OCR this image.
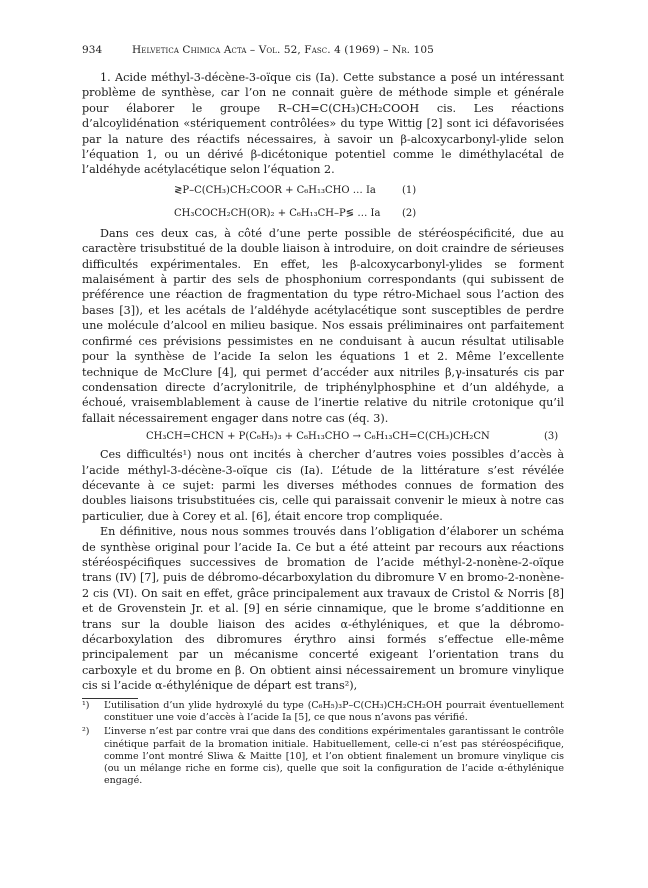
934	Helvetica Chimica Acta – Vol. 52, Fasc. 4 (1969) – Nr. 105

1. Acide méthyl-3-décène-3-oïque cis (Ia). Cette substance a posé un intéressant problème de synthèse, car l’on ne connait guère de méthode simple et générale pour élaborer le groupe R–CH=C(CH₃)CH₂COOH cis. Les réactions d’alcoylidénation «stériquement contrôlées» du type Wittig [2] sont ici défavorisées par la nature des réactifs nécessaires, à savoir un β-alcoxycarbonyl-ylide selon l’équation 1, ou un dérivé β-dicétonique potentiel comme le diméthylacétal de l’aldéhyde acétylacétique selon l’équation 2.

≷P–C(CH₃)CH₂COOR + C₆H₁₃CHO … Ia	(1)
CH₃COCH₂CH(OR)₂ + C₆H₁₃CH–P≶ … Ia (2)

Dans ces deux cas, à côté d’une perte possible de stéréospécificité, due au caractère trisubstitué de la double liaison à introduire, on doit craindre de sérieuses difficultés expérimentales. En effet, les β-alcoxycarbonyl-ylides se forment malaisément à partir des sels de phosphonium correspondants (qui subissent de préférence une réaction de fragmentation du type rétro-Michael sous l’action des bases [3]), et les acétals de l’aldéhyde acétylacétique sont susceptibles de perdre une molécule d’alcool en milieu basique. Nos essais préliminaires ont parfaitement confirmé ces prévisions pessimistes en ne conduisant à aucun résultat utilisable pour la synthèse de l’acide Ia selon les équations 1 et 2. Même l’excellente technique de McClure [4], qui permet d’accéder aux nitriles β,γ-insaturés cis par condensation directe d’acrylonitrile, de triphénylphosphine et d’un aldéhyde, a échoué, vraisemblablement à cause de l’inertie relative du nitrile crotonique qu’il fallait nécessairement engager dans notre cas (éq. 3).

CH₃CH=CHCN + P(C₆H₅)₃ + C₆H₁₃CHO → C₆H₁₃CH=C(CH₃)CH₂CN	(3)

Ces difficultés¹) nous ont incités à chercher d’autres voies possibles d’accès à l’acide méthyl-3-décène-3-oïque cis (Ia). L’étude de la littérature s’est révélée décevante à ce sujet: parmi les diverses méthodes connues de formation des doubles liaisons trisubstituées cis, celle qui paraissait convenir le mieux à notre cas particulier, due à Corey et al. [6], était encore trop compliquée.

En définitive, nous nous sommes trouvés dans l’obligation d’élaborer un schéma de synthèse original pour l’acide Ia. Ce but a été atteint par recours aux réactions stéréospécifiques successives de bromation de l’acide méthyl-2-nonène-2-oïque trans (IV) [7], puis de débromo-décarboxylation du dibromure V en bromo-2-nonène-2 cis (VI). On sait en effet, grâce principalement aux travaux de Cristol & Norris [8] et de Grovenstein Jr. et al. [9] en série cinnamique, que le brome s’additionne en trans sur la double liaison des acides α-éthyléniques, et que la débromo-décarboxylation des dibromures érythro ainsi formés s’effectue elle-même principalement par un mécanisme concerté exigeant l’orientation trans du carboxyle et du brome en β. On obtient ainsi nécessairement un bromure vinylique cis si l’acide α-éthylénique de départ est trans²),

¹) L’utilisation d’un ylide hydroxylé du type (C₆H₅)₃P–C(CH₃)CH₂CH₂OH pourrait éventuellement constituer une voie d’accès à l’acide Ia [5], ce que nous n’avons pas vérifié.
²) L’inverse n’est par contre vrai que dans des conditions expérimentales garantissant le contrôle cinétique parfait de la bromation initiale. Habituellement, celle-ci n’est pas stéréospécifique, comme l’ont montré Sliwa & Maitte [10], et l’on obtient finalement un bromure vinylique cis (ou un mélange riche en forme cis), quelle que soit la configuration de l’acide α-éthylénique engagé.
